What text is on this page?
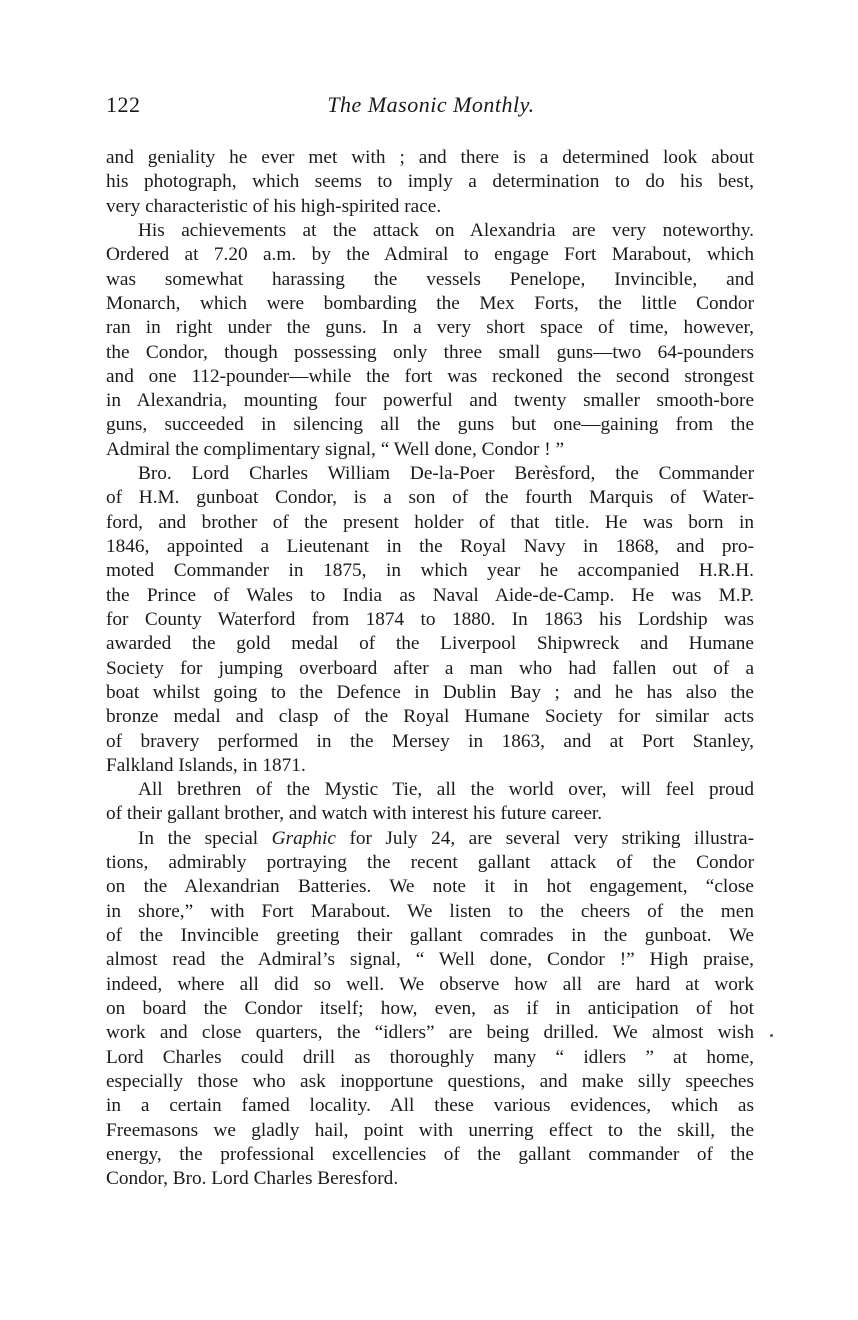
122	The Masonic Monthly.
and geniality he ever met with ; and there is a determined look about
his photograph, which seems to imply a determination to do his best,
very characteristic of his high-spirited race.
His achievements at the attack on Alexandria are very noteworthy.
Ordered at 7.20 a.m. by the Admiral to engage Fort Marabout, which
was somewhat harassing the vessels Penelope, Invincible, and
Monarch, which were bombarding the Mex Forts, the little Condor
ran in right under the guns. In a very short space of time, however,
the Condor, though possessing only three small guns—two 64-pounders
and one 112-pounder—while the fort was reckoned the second strongest
in Alexandria, mounting four powerful and twenty smaller smooth-bore
guns, succeeded in silencing all the guns but one—gaining from the
Admiral the complimentary signal, “ Well done, Condor ! ”
Bro. Lord Charles William De-la-Poer Berèsford, the Commander
of H.M. gunboat Condor, is a son of the fourth Marquis of Water-
ford, and brother of the present holder of that title. He was born in
1846, appointed a Lieutenant in the Royal Navy in 1868, and pro-
moted Commander in 1875, in which year he accompanied H.R.H.
the Prince of Wales to India as Naval Aide-de-Camp. He was M.P.
for County Waterford from 1874 to 1880. In 1863 his Lordship was
awarded the gold medal of the Liverpool Shipwreck and Humane
Society for jumping overboard after a man who had fallen out of a
boat whilst going to the Defence in Dublin Bay ; and he has also the
bronze medal and clasp of the Royal Humane Society for similar acts
of bravery performed in the Mersey in 1863, and at Port Stanley,
Falkland Islands, in 1871.
All brethren of the Mystic Tie, all the world over, will feel proud
of their gallant brother, and watch with interest his future career.
In the special Graphic for July 24, are several very striking illustra-
tions, admirably portraying the recent gallant attack of the Condor
on the Alexandrian Batteries. We note it in hot engagement, “close
in shore,” with Fort Marabout. We listen to the cheers of the men
of the Invincible greeting their gallant comrades in the gunboat. We
almost read the Admiral’s signal, “ Well done, Condor !” High praise,
indeed, where all did so well. We observe how all are hard at work
on board the Condor itself; how, even, as if in anticipation of hot
work and close quarters, the “idlers” are being drilled. We almost wish
Lord Charles could drill as thoroughly many “ idlers ” at home,
especially those who ask inopportune questions, and make silly speeches
in a certain famed locality. All these various evidences, which as
Freemasons we gladly hail, point with unerring effect to the skill, the
energy, the professional excellencies of the gallant commander of the
Condor, Bro. Lord Charles Beresford.
